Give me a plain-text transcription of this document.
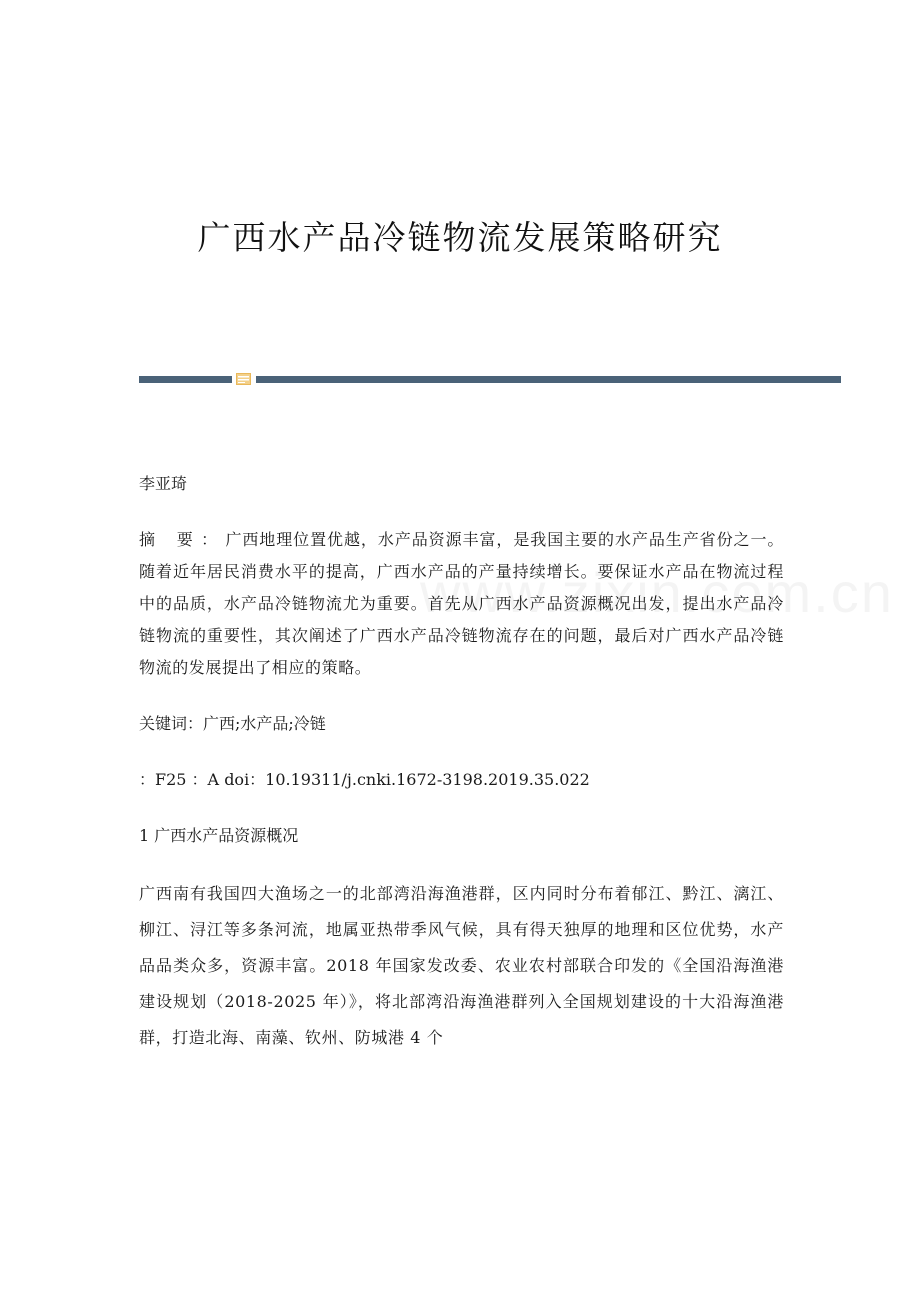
广西水产品冷链物流发展策略研究

李亚琦

摘 要：广西地理位置优越，水产品资源丰富，是我国主要的水产品生产省份之一。随着近年居民消费水平的提高，广西水产品的产量持续增长。要保证水产品在物流过程中的品质，水产品冷链物流尤为重要。首先从广西水产品资源概况出发，提出水产品冷链物流的重要性，其次阐述了广西水产品冷链物流存在的问题，最后对广西水产品冷链物流的发展提出了相应的策略。

关键词：广西;水产品;冷链

：F25 ：A doi：10.19311/j.cnki.1672-3198.2019.35.022

1 广西水产品资源概况

广西南有我国四大渔场之一的北部湾沿海渔港群，区内同时分布着郁江、黔江、漓江、柳江、浔江等多条河流，地属亚热带季风气候，具有得天独厚的地理和区位优势，水产品品类众多，资源丰富。2018 年国家发改委、农业农村部联合印发的《全国沿海渔港建设规划（2018-2025 年）》，将北部湾沿海渔港群列入全国规划建设的十大沿海渔港群，打造北海、南藻、钦州、防城港 4 个
